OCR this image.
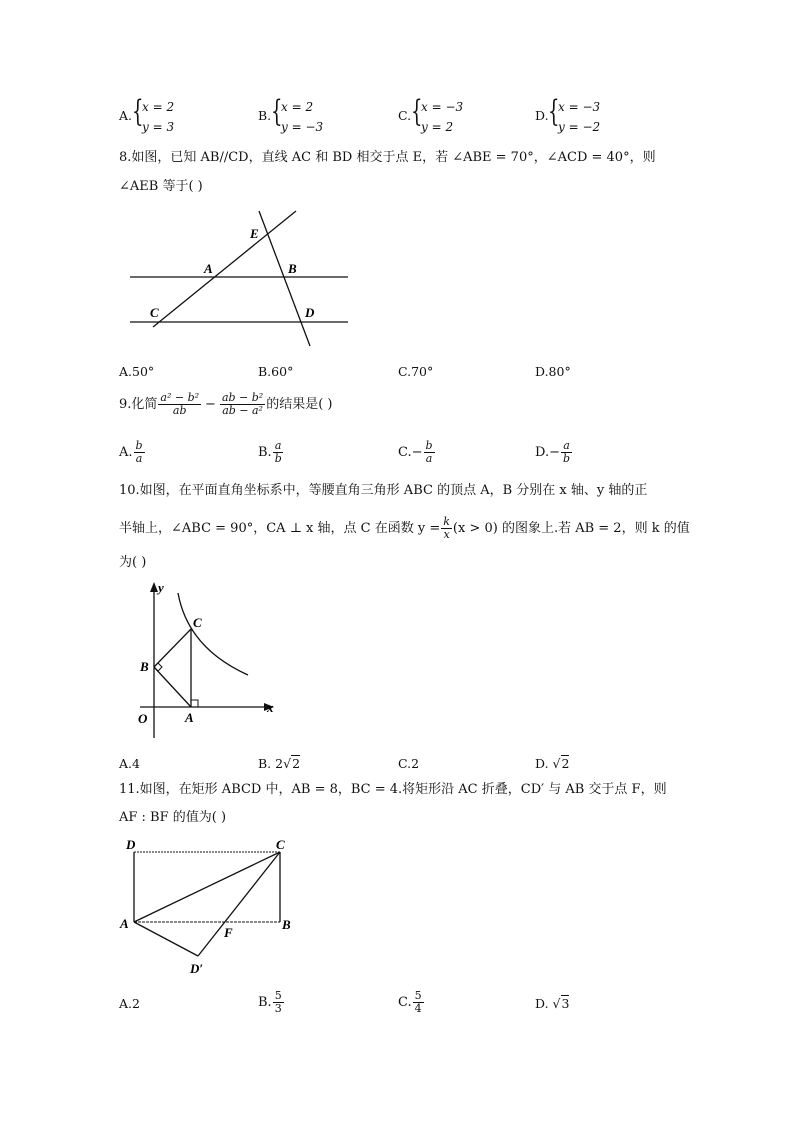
A. {
x = 2
y = 3
B. {
x = 2
y = −3
C. {
x = −3
y = 2
D. {
x = −3
y = −2
8.如图，已知 AB//CD，直线 AC 和 BD 相交于点 E，若 ∠ABE = 70°，∠ACD = 40°，则
∠AEB 等于( )
E
A	B
C	D
A.50°	B.60°	C.70°	D.80°
9.化简 $\frac{\text{a² − b²}}{ab} - \frac{\text{ab − b²}}{\text{ab − a²}}$ 的结果是( )
A. $\frac{b}{a}$	B. $\frac{a}{b}$	C. − $\frac{b}{a}$	D. − $\frac{a}{b}$
10.如图，在平面直角坐标系中，等腰直角三角形 ABC 的顶点 A，B 分别在 x 轴、y 轴的正
半轴上，∠ABC = 90°，CA ⊥ x 轴，点 C 在函数 $y = \frac{k}{x} (x > 0)$ 的图象上.若 AB = 2，则 k 的值
为( )
y
x
O	A
B
C
A.4	B. 2√2	C.2	D. √2
11.如图，在矩形 ABCD 中，AB = 8，BC = 4.将矩形沿 AC 折叠，CD′ 与 AB 交于点 F，则
AF : BF 的值为( )
D	C
A	B
F
D′
A.2	B. $\frac{5}{3}$	C. $\frac{5}{4}$	D. √3
